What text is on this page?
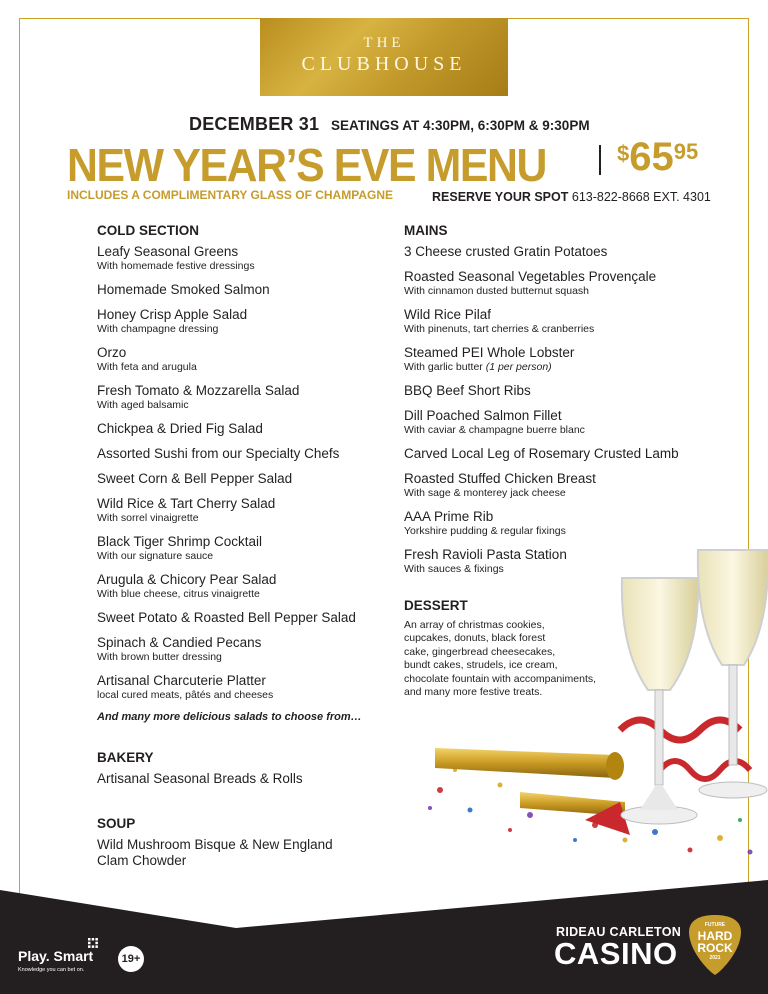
THE
CLUBHOUSE
DECEMBER 31 SEATINGS AT 4:30PM, 6:30PM & 9:30PM
NEW YEAR’S EVE MENU	$6595
INCLUDES A COMPLIMENTARY GLASS OF CHAMPAGNE	RESERVE YOUR SPOT 613-822-8668 EXT. 4301
COLD SECTION
Leafy Seasonal Greens
With homemade festive dressings
Homemade Smoked Salmon
Honey Crisp Apple Salad
With champagne dressing
Orzo
With feta and arugula
Fresh Tomato & Mozzarella Salad
With aged balsamic
Chickpea & Dried Fig Salad
Assorted Sushi from our Specialty Chefs
Sweet Corn & Bell Pepper Salad
Wild Rice & Tart Cherry Salad
With sorrel vinaigrette
Black Tiger Shrimp Cocktail
With our signature sauce
Arugula & Chicory Pear Salad
With blue cheese, citrus vinaigrette
Sweet Potato & Roasted Bell Pepper Salad
Spinach & Candied Pecans
With brown butter dressing
Artisanal Charcuterie Platter
local cured meats, pâtés and cheeses
And many more delicious salads to choose from…
BAKERY
Artisanal Seasonal Breads & Rolls
SOUP
Wild Mushroom Bisque & New England
Clam Chowder
MAINS
3 Cheese crusted Gratin Potatoes
Roasted Seasonal Vegetables Provençale
With cinnamon dusted butternut squash
Wild Rice Pilaf
With pinenuts, tart cherries & cranberries
Steamed PEI Whole Lobster
With garlic butter (1 per person)
BBQ Beef Short Ribs
Dill Poached Salmon Fillet
With caviar & champagne buerre blanc
Carved Local Leg of Rosemary Crusted Lamb
Roasted Stuffed Chicken Breast
With sage & monterey jack cheese
AAA Prime Rib
Yorkshire pudding & regular fixings
Fresh Ravioli Pasta Station
With sauces & fixings
DESSERT
An array of christmas cookies,
cupcakes, donuts, black forest
cake, gingerbread cheesecakes,
bundt cakes, strudels, ice cream,
chocolate fountain with accompaniments,
and many more festive treats.
Play. Smart
Knowledge you can bet on.
19+
RIDEAU CARLETON
CASINO
FUTURE
HARD
ROCK
2021
